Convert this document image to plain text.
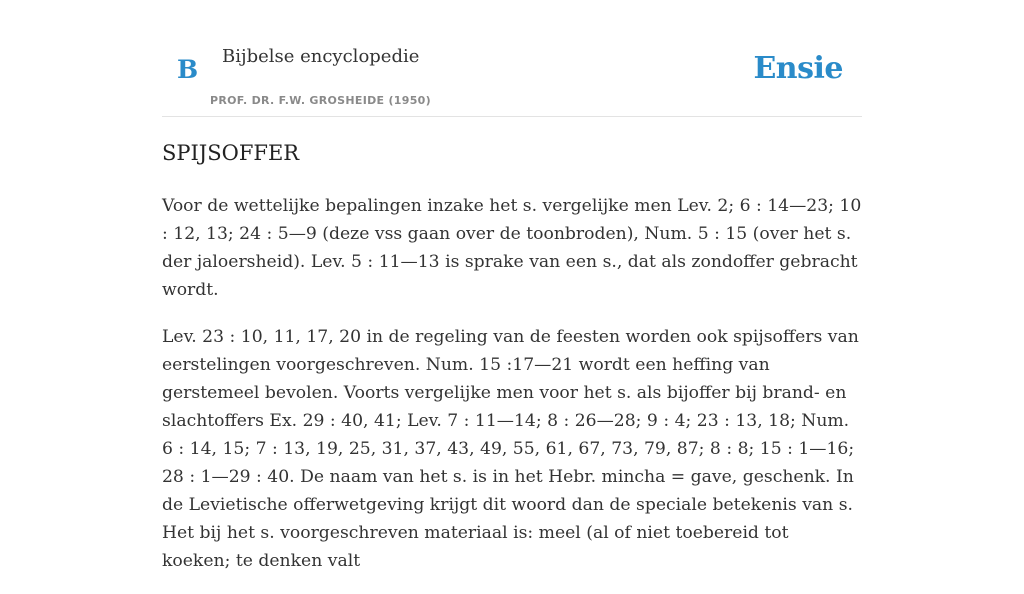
B Bijbelse encyclopedie
PROF. DR. F.W. GROSHEIDE (1950)
Ensie
SPIJSOFFER

Voor de wettelijke bepalingen inzake het s. vergelijke men Lev. 2; 6 : 14—23; 10 : 12, 13; 24 : 5—9 (deze vss gaan over de toonbroden), Num. 5 : 15 (over het s. der jaloersheid). Lev. 5 : 11—13 is sprake van een s., dat als zondoffer gebracht wordt.

Lev. 23 : 10, 11, 17, 20 in de regeling van de feesten worden ook spijsoffers van eerstelingen voorgeschreven. Num. 15 :17—21 wordt een heffing van gerstemeel bevolen. Voorts vergelijke men voor het s. als bijoffer bij brand- en slachtoffers Ex. 29 : 40, 41; Lev. 7 : 11—14; 8 : 26—28; 9 : 4; 23 : 13, 18; Num. 6 : 14, 15; 7 : 13, 19, 25, 31, 37, 43, 49, 55, 61, 67, 73, 79, 87; 8 : 8; 15 : 1—16; 28 : 1—29 : 40. De naam van het s. is in het Hebr. mincha = gave, geschenk. In de Levietische offerwetgeving krijgt dit woord dan de speciale betekenis van s. Het bij het s. voorgeschreven materiaal is: meel (al of niet toebereid tot koeken; te denken valt
